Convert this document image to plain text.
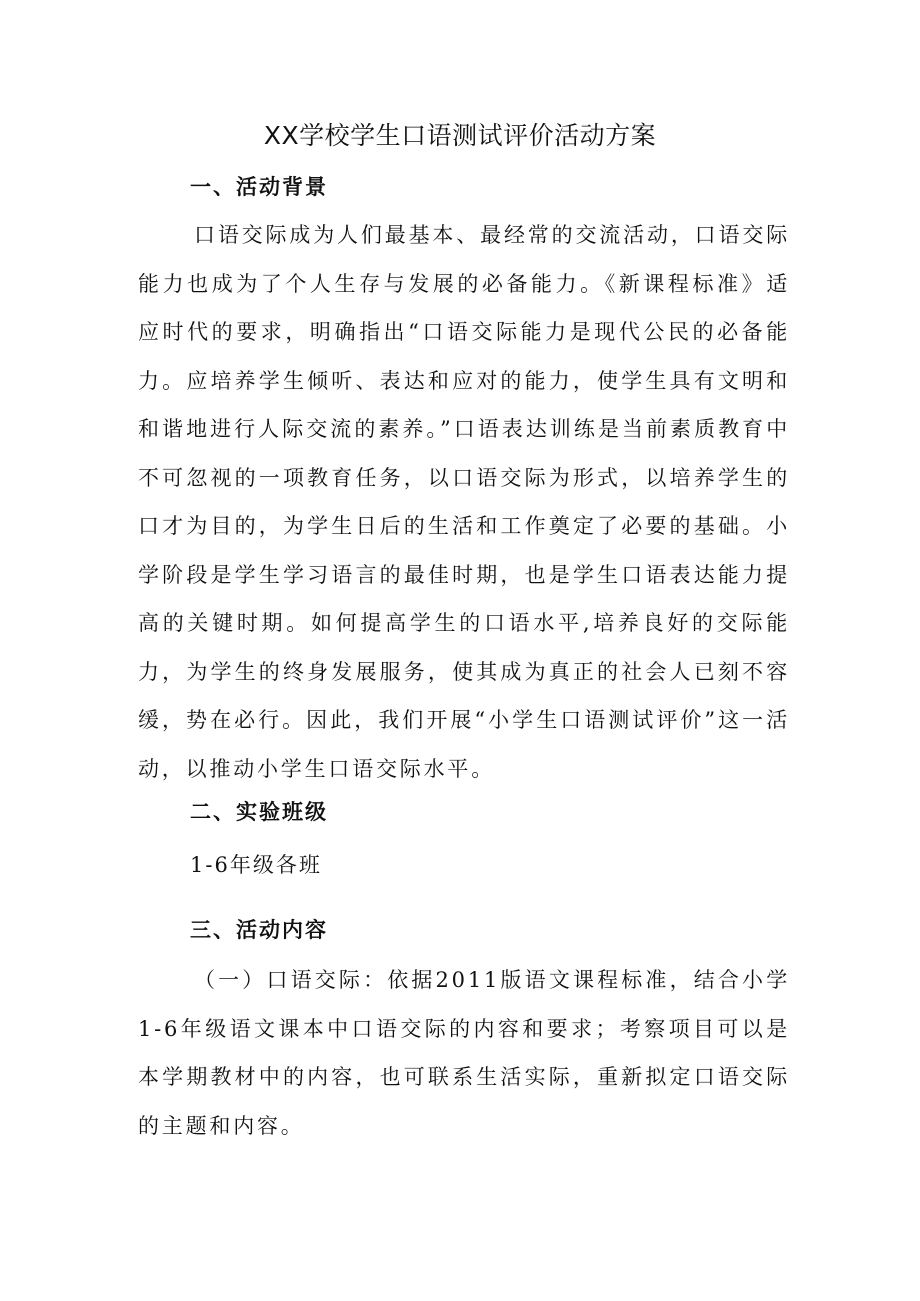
XX学校学生口语测试评价活动方案
一、活动背景

口语交际成为人们最基本、最经常的交流活动，口语交际能力也成为了个人生存与发展的必备能力。《新课程标准》适应时代的要求，明确指出“口语交际能力是现代公民的必备能力。应培养学生倾听、表达和应对的能力，使学生具有文明和和谐地进行人际交流的素养。”口语表达训练是当前素质教育中不可忽视的一项教育任务，以口语交际为形式，以培养学生的口才为目的，为学生日后的生活和工作奠定了必要的基础。小学阶段是学生学习语言的最佳时期，也是学生口语表达能力提高的关键时期。如何提高学生的口语水平,培养良好的交际能力，为学生的终身发展服务，使其成为真正的社会人已刻不容缓，势在必行。因此，我们开展“小学生口语测试评价”这一活动，以推动小学生口语交际水平。

二、实验班级

1-6年级各班

三、活动内容

（一）口语交际：依据2011版语文课程标准，结合小学1-6年级语文课本中口语交际的内容和要求；考察项目可以是本学期教材中的内容，也可联系生活实际，重新拟定口语交际的主题和内容。
